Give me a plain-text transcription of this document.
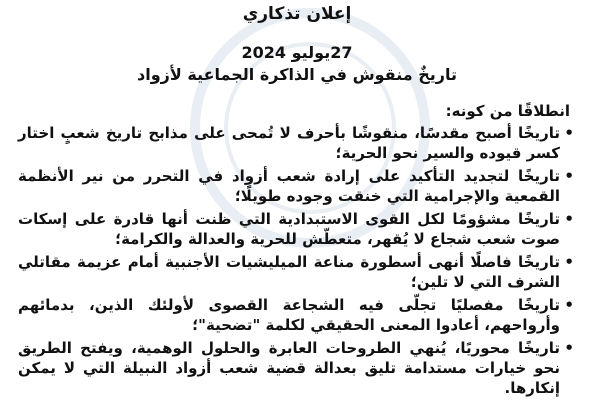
إعلان تذكاري
27يوليو 2024
تاريخٌ منقوش في الذاكرة الجماعية لأزواد
انطلاقًا من كونه:
• تاريخًا أصبح مقدسًا، منقوشًا بأحرف لا تُمحى على مذابح تاريخ شعبٍ اختار كسر قيوده والسير نحو الحرية؛
• تاريخًا لتجديد التأكيد على إرادة شعب أزواد في التحرر من نير الأنظمة القمعية والإجرامية التي خنقت وجوده طويلًا؛
• تاريخًا مشؤومًا لكل القوى الاستبدادية التي ظنت أنها قادرة على إسكات صوت شعب شجاع لا يُقهر، متعطّش للحرية والعدالة والكرامة؛
• تاريخًا فاصلًا أنهى أسطورة مناعة الميليشيات الأجنبية أمام عزيمة مقاتلي الشرف التي لا تلين؛
• تاريخًا مفصليًا تجلّى فيه الشجاعة القصوى لأولئك الذين، بدمائهم وأرواحهم، أعادوا المعنى الحقيقي لكلمة "تضحية"؛
• تاريخًا محوريًا، يُنهي الطروحات العابرة والحلول الوهمية، ويفتح الطريق نحو خيارات مستدامة تليق بعدالة قضية شعب أزواد النبيلة التي لا يمكن إنكارها.
